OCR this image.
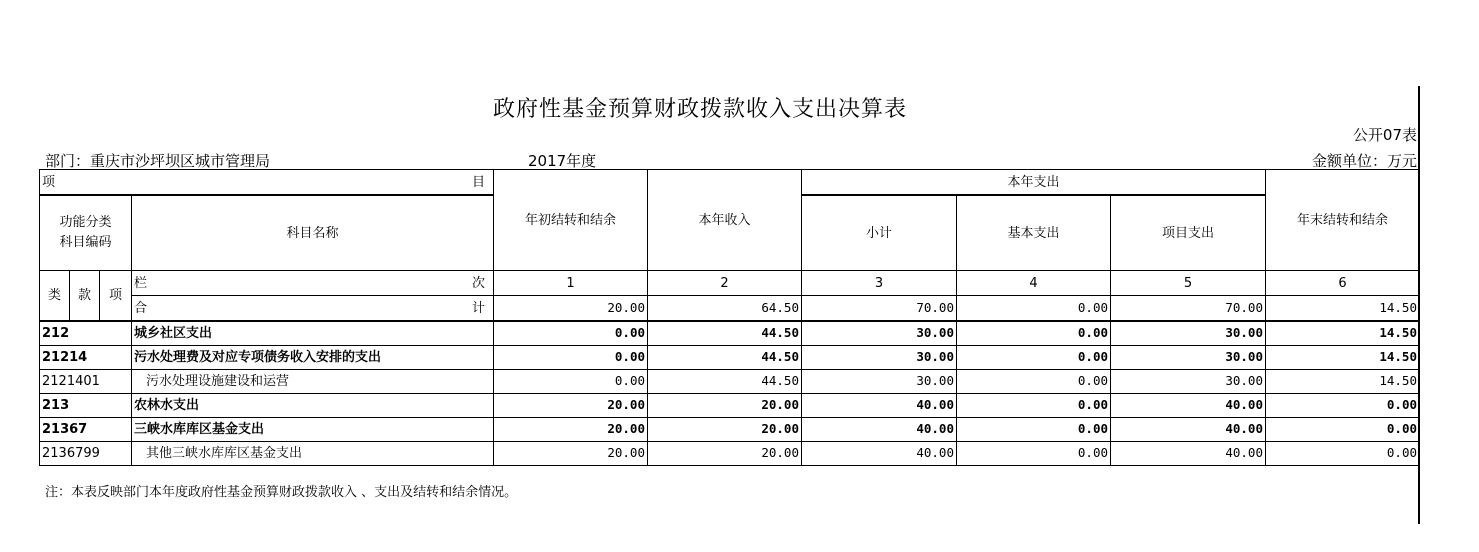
政府性基金预算财政拨款收入支出决算表
公开07表
部门：重庆市沙坪坝区城市管理局	2017年度	金额单位：万元
项 目				年初结转和结余	本年收入	本年支出			年末结转和结余

功能分类
科目编码			科目名称			小计	基本支出	项目支出	
类	款	项	栏 次	1	2	3	4	5	6

			合 计	20.00	64.50	70.00	0.00	70.00	14.50
212			城乡社区支出	0.00	44.50	30.00	0.00	30.00	14.50
21214			污水处理费及对应专项债务收入安排的支出	0.00	44.50	30.00	0.00	30.00	14.50
2121401			污水处理设施建设和运营	0.00	44.50	30.00	0.00	30.00	14.50
213			农林水支出	20.00	20.00	40.00	0.00	40.00	0.00
21367			三峡水库库区基金支出	20.00	20.00	40.00	0.00	40.00	0.00
2136799			其他三峡水库库区基金支出	20.00	20.00	40.00	0.00	40.00	0.00
注：本表反映部门本年度政府性基金预算财政拨款收入 、支出及结转和结余情况。
